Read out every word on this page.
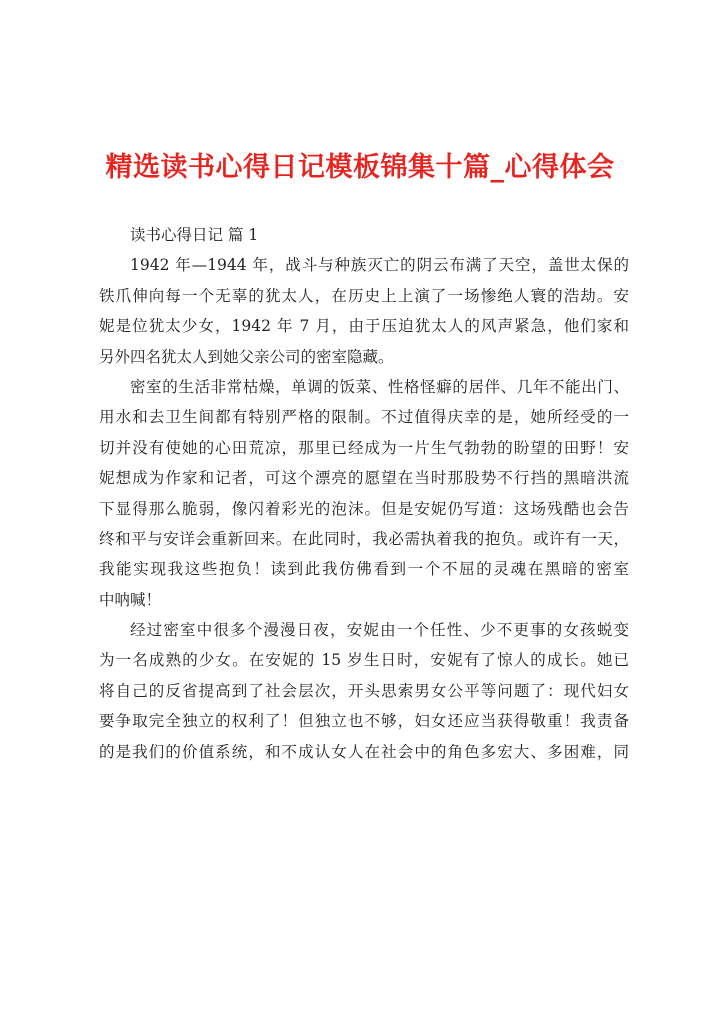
精选读书心得日记模板锦集十篇_心得体会
读书心得日记 篇 1
1942 年—1944 年，战斗与种族灭亡的阴云布满了天空，盖世太保的
铁爪伸向每一个无辜的犹太人，在历史上上演了一场惨绝人寰的浩劫。安
妮是位犹太少女，1942 年 7 月，由于压迫犹太人的风声紧急，他们家和
另外四名犹太人到她父亲公司的密室隐藏。
密室的生活非常枯燥，单调的饭菜、性格怪癖的居伴、几年不能出门、
用水和去卫生间都有特别严格的限制。不过值得庆幸的是，她所经受的一
切并没有使她的心田荒凉，那里已经成为一片生气勃勃的盼望的田野！安
妮想成为作家和记者，可这个漂亮的愿望在当时那股势不行挡的黑暗洪流
下显得那么脆弱，像闪着彩光的泡沫。但是安妮仍写道：这场残酷也会告
终和平与安详会重新回来。在此同时，我必需执着我的抱负。或许有一天，
我能实现我这些抱负！读到此我仿佛看到一个不屈的灵魂在黑暗的密室
中呐喊！
经过密室中很多个漫漫日夜，安妮由一个任性、少不更事的女孩蜕变
为一名成熟的少女。在安妮的 15 岁生日时，安妮有了惊人的成长。她已
将自己的反省提高到了社会层次，开头思索男女公平等问题了：现代妇女
要争取完全独立的权利了！但独立也不够，妇女还应当获得敬重！我责备
的是我们的价值系统，和不成认女人在社会中的角色多宏大、多困难，同
